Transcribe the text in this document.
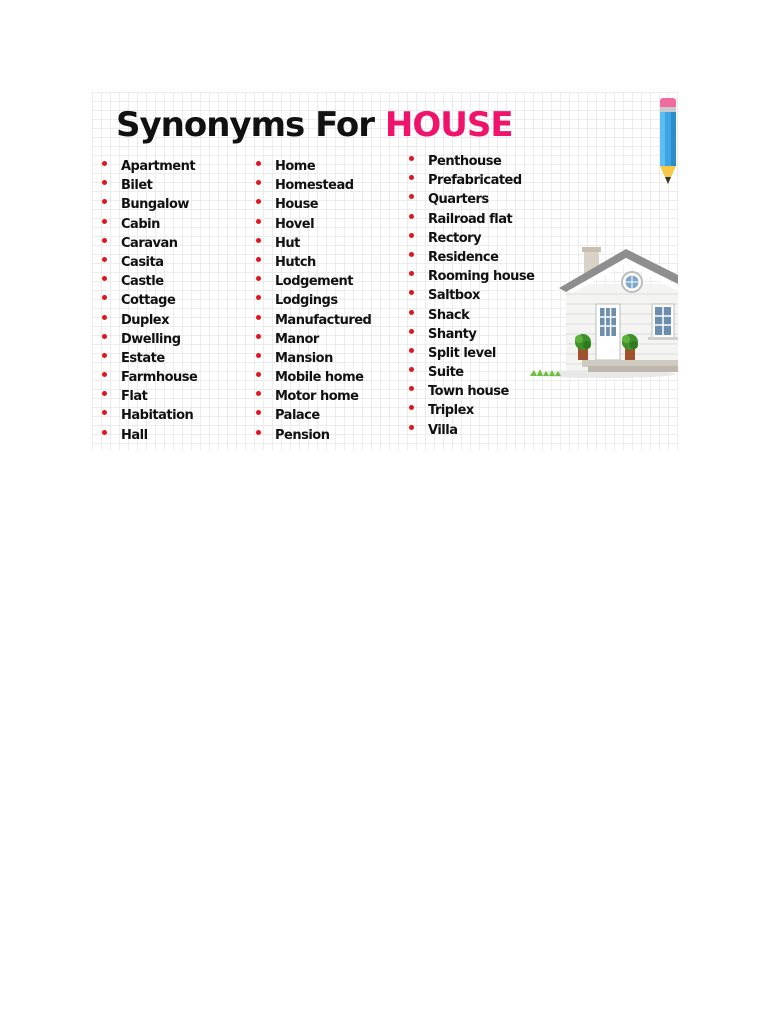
Synonyms For HOUSE
Apartment
Bilet
Bungalow
Cabin
Caravan
Casita
Castle
Cottage
Duplex
Dwelling
Estate
Farmhouse
Flat
Habitation
Hall
Home
Homestead
House
Hovel
Hut
Hutch
Lodgement
Lodgings
Manufactured
Manor
Mansion
Mobile home
Motor home
Palace
Pension
Penthouse
Prefabricated
Quarters
Railroad flat
Rectory
Residence
Rooming house
Saltbox
Shack
Shanty
Split level
Suite
Town house
Triplex
Villa
